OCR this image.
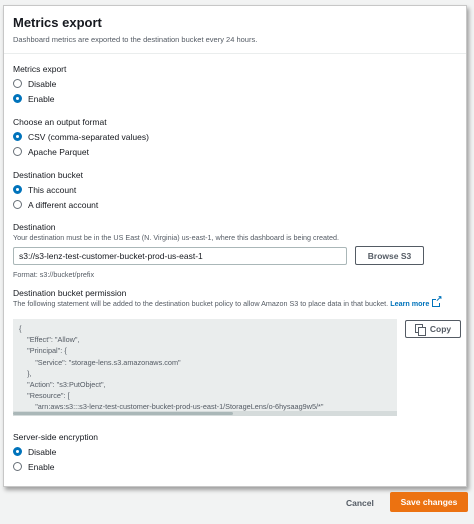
Metrics export
Dashboard metrics are exported to the destination bucket every 24 hours.
Metrics export
Disable
Enable
Choose an output format
CSV (comma-separated values)
Apache Parquet
Destination bucket
This account
A different account
Destination
Your destination must be in the US East (N. Virginia) us-east-1, where this dashboard is being created.
s3://s3-lenz-test-customer-bucket-prod-us-east-1	Browse S3
Format: s3://bucket/prefix
Destination bucket permission
The following statement will be added to the destination bucket policy to allow Amazon S3 to place data in that bucket. Learn more↗
{
"Effect": "Allow",
"Principal": {
"Service": "storage-lens.s3.amazonaws.com"
},
"Action": "s3:PutObject",
"Resource": [
"arn:aws:s3:::s3-lenz-test-customer-bucket-prod-us-east-1/StorageLens/o-6hysaag9w5/*"
Copy
Server-side encryption
Disable
Enable
Cancel	Save changes
